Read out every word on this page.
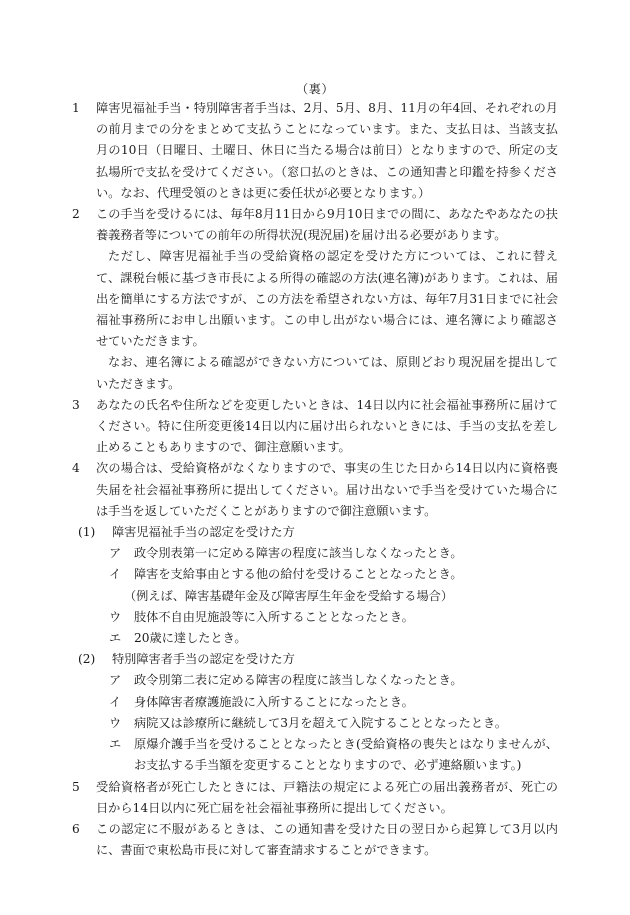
（裏）
1	障害児福祉手当・特別障害者手当は、2月、5月、8月、11月の年4回、それぞれの月の前月までの分をまとめて支払うことになっています。また、支払日は、当該支払月の10日（日曜日、土曜日、休日に当たる場合は前日）となりますので、所定の支払場所で支払を受けてください。（窓口払のときは、この通知書と印鑑を持参ください。なお、代理受領のときは更に委任状が必要となります。）
2	この手当を受けるには、毎年8月11日から9月10日までの間に、あなたやあなたの扶養義務者等についての前年の所得状況(現況届)を届け出る必要があります。
ただし、障害児福祉手当の受給資格の認定を受けた方については、これに替えて、課税台帳に基づき市長による所得の確認の方法(連名簿)があります。これは、届出を簡単にする方法ですが、この方法を希望されない方は、毎年7月31日までに社会福祉事務所にお申し出願います。この申し出がない場合には、連名簿により確認させていただきます。
なお、連名簿による確認ができない方については、原則どおり現況届を提出していただきます。
3	あなたの氏名や住所などを変更したいときは、14日以内に社会福祉事務所に届けてください。特に住所変更後14日以内に届け出られないときには、手当の支払を差し止めることもありますので、御注意願います。
4	次の場合は、受給資格がなくなりますので、事実の生じた日から14日以内に資格喪失届を社会福祉事務所に提出してください。届け出ないで手当を受けていた場合には手当を返していただくことがありますので御注意願います。
(1) 障害児福祉手当の認定を受けた方
ア 政令別表第一に定める障害の程度に該当しなくなったとき。
イ 障害を支給事由とする他の給付を受けることとなったとき。
（例えば、障害基礎年金及び障害厚生年金を受給する場合）
ウ 肢体不自由児施設等に入所することとなったとき。
エ 20歳に達したとき。
(2) 特別障害者手当の認定を受けた方
ア 政令別第二表に定める障害の程度に該当しなくなったとき。
イ 身体障害者療護施設に入所することになったとき。
ウ 病院又は診療所に継続して3月を超えて入院することとなったとき。
エ 原爆介護手当を受けることとなったとき(受給資格の喪失とはなりませんが、お支払する手当額を変更することとなりますので、必ず連絡願います。)
5	受給資格者が死亡したときには、戸籍法の規定による死亡の届出義務者が、死亡の日から14日以内に死亡届を社会福祉事務所に提出してください。
6	この認定に不服があるときは、この通知書を受けた日の翌日から起算して3月以内に、書面で東松島市長に対して審査請求することができます。
